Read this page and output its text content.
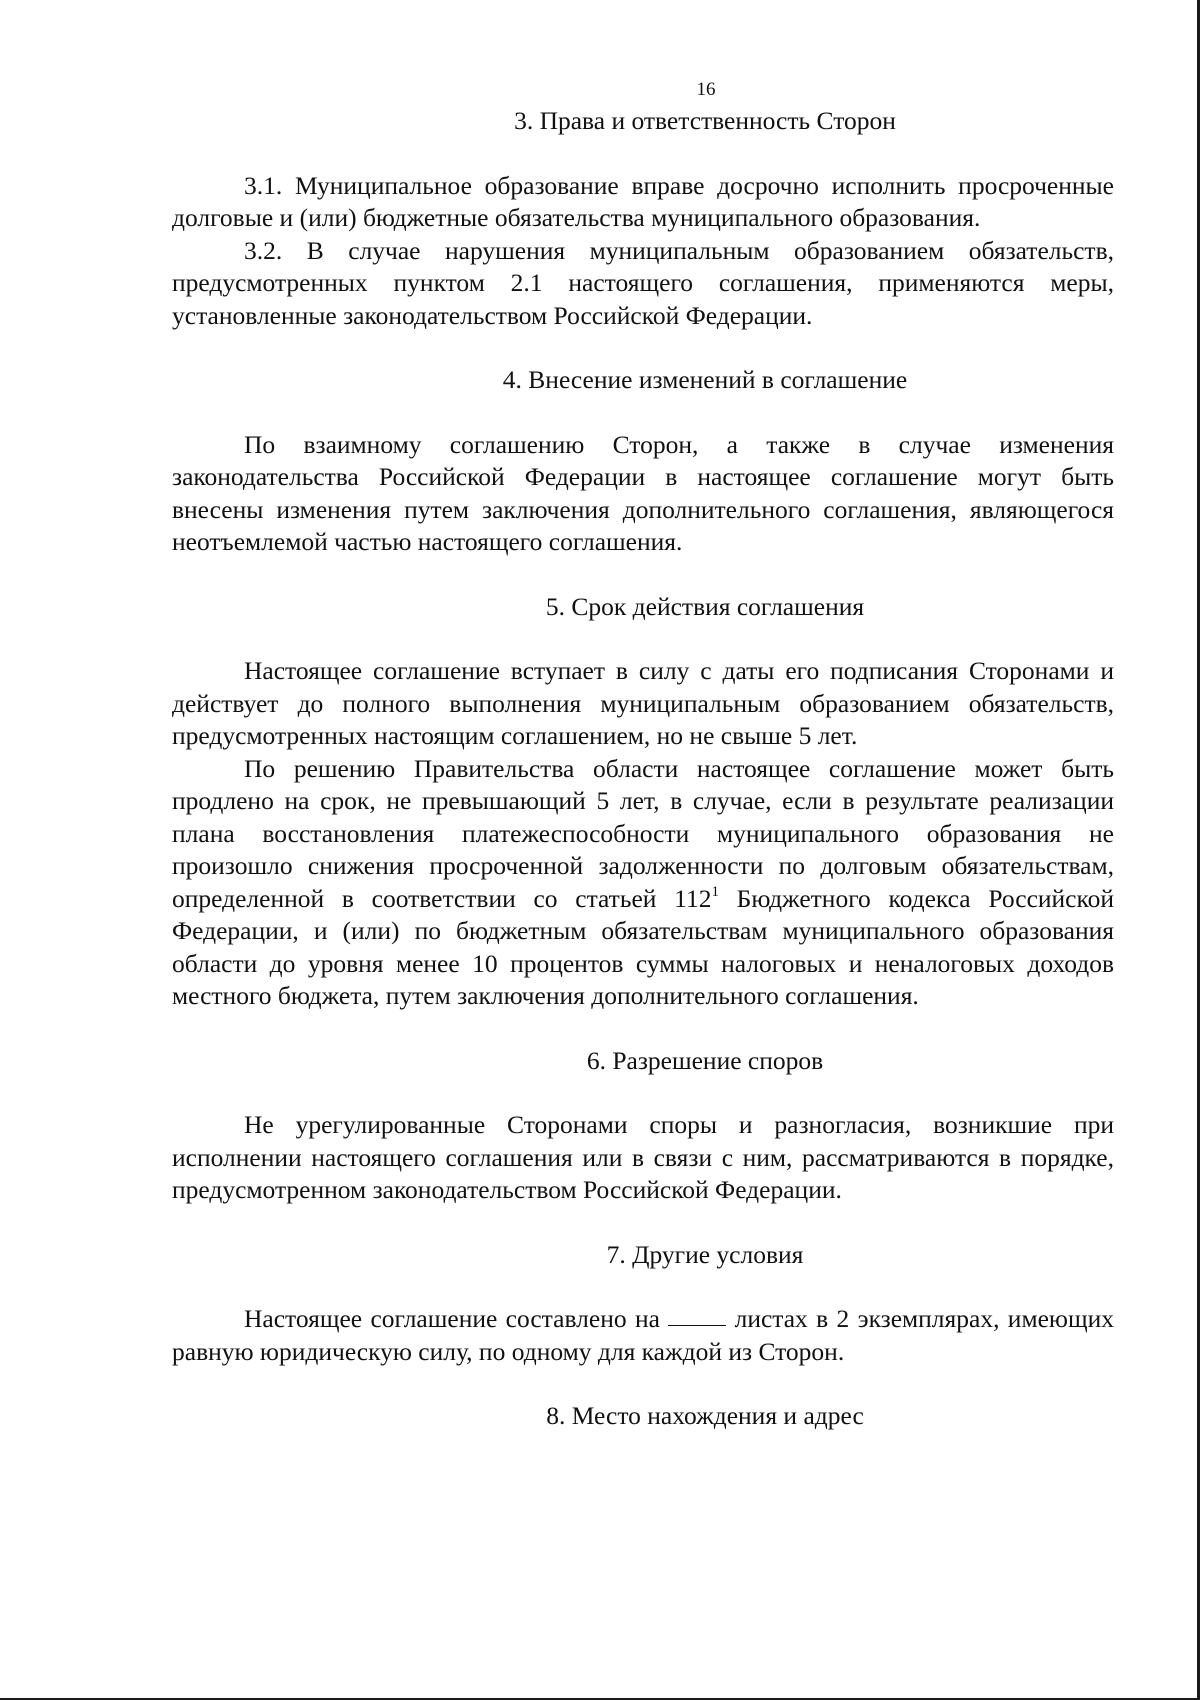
16
3. Права и ответственность Сторон

3.1. Муниципальное образование вправе досрочно исполнить просроченные долговые и (или) бюджетные обязательства муниципального образования.

3.2. В случае нарушения муниципальным образованием обязательств, предусмотренных пунктом 2.1 настоящего соглашения, применяются меры, установленные законодательством Российской Федерации.

4. Внесение изменений в соглашение

По взаимному соглашению Сторон, а также в случае изменения законодательства Российской Федерации в настоящее соглашение могут быть внесены изменения путем заключения дополнительного соглашения, являющегося неотъемлемой частью настоящего соглашения.

5. Срок действия соглашения

Настоящее соглашение вступает в силу с даты его подписания Сторонами и действует до полного выполнения муниципальным образованием обязательств, предусмотренных настоящим соглашением, но не свыше 5 лет.

По решению Правительства области настоящее соглашение может быть продлено на срок, не превышающий 5 лет, в случае, если в результате реализации плана восстановления платежеспособности муниципального образования не произошло снижения просроченной задолженности по долговым обязательствам, определенной в соответствии со статьей $112^1$ Бюджетного кодекса Российской Федерации, и (или) по бюджетным обязательствам муниципального образования области до уровня менее 10 процентов суммы налоговых и неналоговых доходов местного бюджета, путем заключения дополнительного соглашения.

6. Разрешение споров

Не урегулированные Сторонами споры и разногласия, возникшие при исполнении настоящего соглашения или в связи с ним, рассматриваются в порядке, предусмотренном законодательством Российской Федерации.

7. Другие условия

Настоящее соглашение составлено на  листах в 2 экземплярах, имеющих равную юридическую силу, по одному для каждой из Сторон.

8. Место нахождения и адрес
